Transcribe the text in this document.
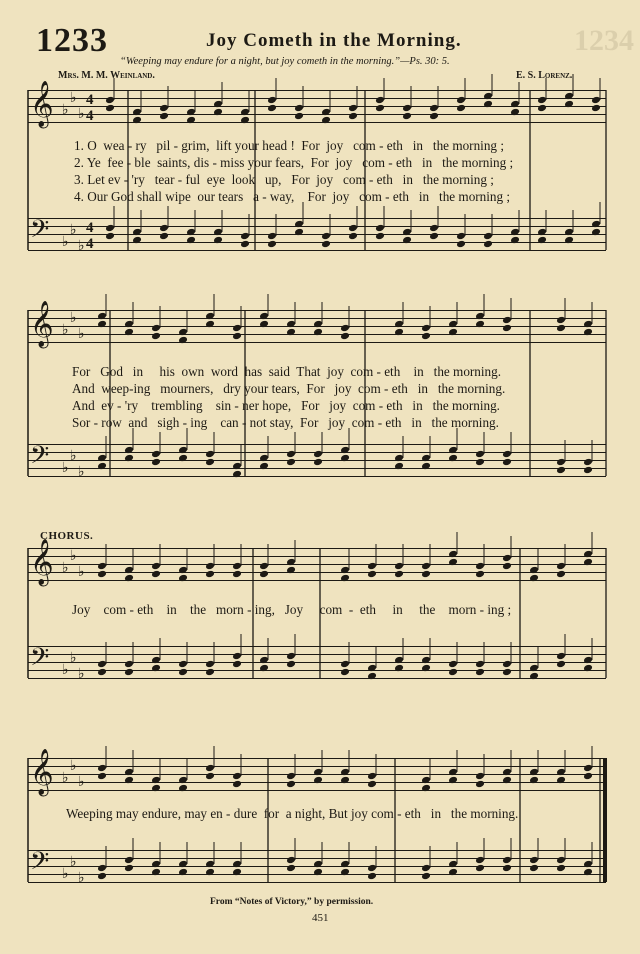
1234
1233	Joy Cometh in the Morning.
“Weeping may endure for a night, but joy cometh in the morning.”—Ps. 30: 5.
Mrs. M. M. Weinland.	E. S. Lorenz.
𝄞
1. O  wea - ry   pil - grim,  lift your head !  For  joy   com - eth   in   the morning ;
2. Ye  fee - ble  saints, dis - miss your fears,  For  joy   com - eth   in   the morning ;
3. Let ev - 'ry   tear - ful  eye  look   up,   For  joy   com - eth   in   the morning ;
4. Our God shall wipe  our tears   a - way,    For  joy   com - eth   in   the morning ;
𝄢
𝄞
For   God   in     his  own  word  has  said  That  joy  com - eth    in   the morning.
And  weep-ing   mourners,   dry your tears,  For   joy  com - eth   in   the morning.
And  ev - 'ry    trembling    sin - ner hope,   For   joy  com - eth   in   the morning.
Sor - row  and   sigh - ing    can - not stay,  For   joy  com - eth   in   the morning.
𝄢
CHORUS.
𝄞
Joy    com - eth    in    the   morn - ing,   Joy     com  -  eth     in     the    morn - ing ;
𝄢
𝄞
Weeping may endure, may en - dure  for  a night, But joy com - eth   in   the morning.
𝄢
♭
♭
♭
♭
♭
♭
4
4
4
4
♭
♭
♭
♭
♭
♭
♭
♭
♭
♭
♭
♭
♭
♭
♭
♭
♭
♭
From “Notes of Victory,” by permission.
451
